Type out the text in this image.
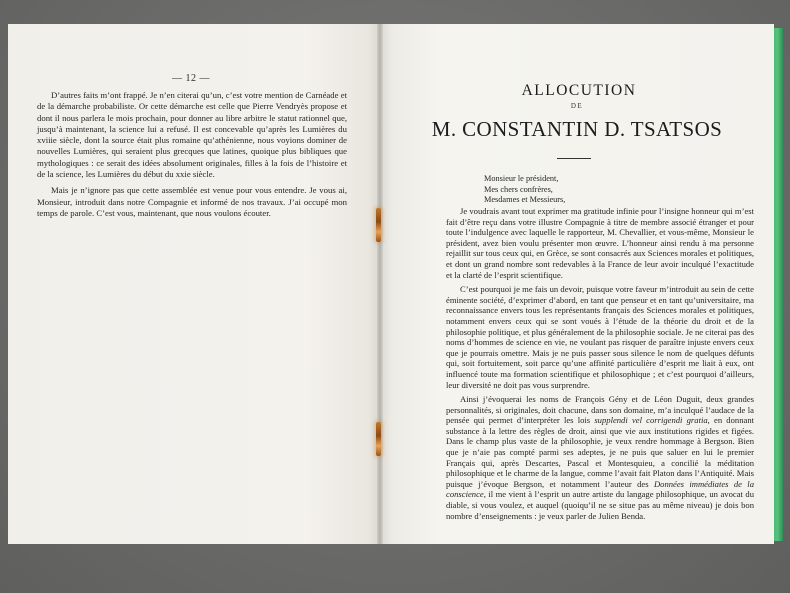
— 12 —

D’autres faits m’ont frappé. Je n’en citerai qu’un, c’est votre mention de Carnéade et de la démarche probabiliste. Or cette démarche est celle que Pierre Vendryès propose et dont il nous parlera le mois prochain, pour donner au libre arbitre le statut rationnel que, jusqu’à maintenant, la science lui a refusé. Il est concevable qu’après les Lumières du xviiie siècle, dont la source était plus romaine qu’athénienne, nous voyions dominer de nouvelles Lumières, qui seraient plus grecques que latines, quoique plus bibliques que mythologiques : ce serait des idées absolument originales, filles à la fois de l’histoire et de la science, les Lumières du début du xxie siècle.

Mais je n’ignore pas que cette assemblée est venue pour vous entendre. Je vous ai, Monsieur, introduit dans notre Compagnie et informé de nos travaux. J’ai occupé mon temps de parole. C’est vous, maintenant, que nous voulons écouter.

ALLOCUTION
DE
M. CONSTANTIN D. TSATSOS
Monsieur le président,
Mes chers confrères,
Mesdames et Messieurs,

Je voudrais avant tout exprimer ma gratitude infinie pour l’insigne honneur qui m’est fait d’être reçu dans votre illustre Compagnie à titre de membre associé étranger et pour toute l’indulgence avec laquelle le rapporteur, M. Chevallier, et vous-même, Monsieur le président, avez bien voulu présenter mon œuvre. L’honneur ainsi rendu à ma personne rejaillit sur tous ceux qui, en Grèce, se sont consacrés aux Sciences morales et politiques, et dont un grand nombre sont redevables à la France de leur avoir inculqué l’exactitude et la clarté de l’esprit scientifique.

C’est pourquoi je me fais un devoir, puisque votre faveur m’introduit au sein de cette éminente société, d’exprimer d’abord, en tant que penseur et en tant qu’universitaire, ma reconnaissance envers tous les représentants français des Sciences morales et politiques, notamment envers ceux qui se sont voués à l’étude de la théorie du droit et de la philosophie politique, et plus généralement de la philosophie sociale. Je ne citerai pas des noms d’hommes de science en vie, ne voulant pas risquer de paraître injuste envers ceux que je pourrais omettre. Mais je ne puis passer sous silence le nom de quelques défunts qui, soit fortuitement, soit parce qu’une affinité particulière d’esprit me liait à eux, ont influencé toute ma formation scientifique et philosophique ; et c’est pourquoi d’ailleurs, leur diversité ne doit pas vous surprendre.

Ainsi j’évoquerai les noms de François Gény et de Léon Duguit, deux grandes personnalités, si originales, doit chacune, dans son domaine, m’a inculqué l’audace de la pensée qui permet d’interpréter les lois supplendi vel corrigendi gratia, en donnant substance à la lettre des règles de droit, ainsi que vie aux institutions rigides et figées. Dans le champ plus vaste de la philosophie, je veux rendre hommage à Bergson. Bien que je n’aie pas compté parmi ses adeptes, je ne puis que saluer en lui le premier Français qui, après Descartes, Pascal et Montesquieu, a concilié la méditation philosophique et le charme de la langue, comme l’avait fait Platon dans l’Antiquité. Mais puisque j’évoque Bergson, et notamment l’auteur des Données immédiates de la conscience, il me vient à l’esprit un autre artiste du langage philosophique, un avocat du diable, si vous voulez, et auquel (quoiqu’il ne se situe pas au même niveau) je dois bon nombre d’enseignements : je veux parler de Julien Benda.
